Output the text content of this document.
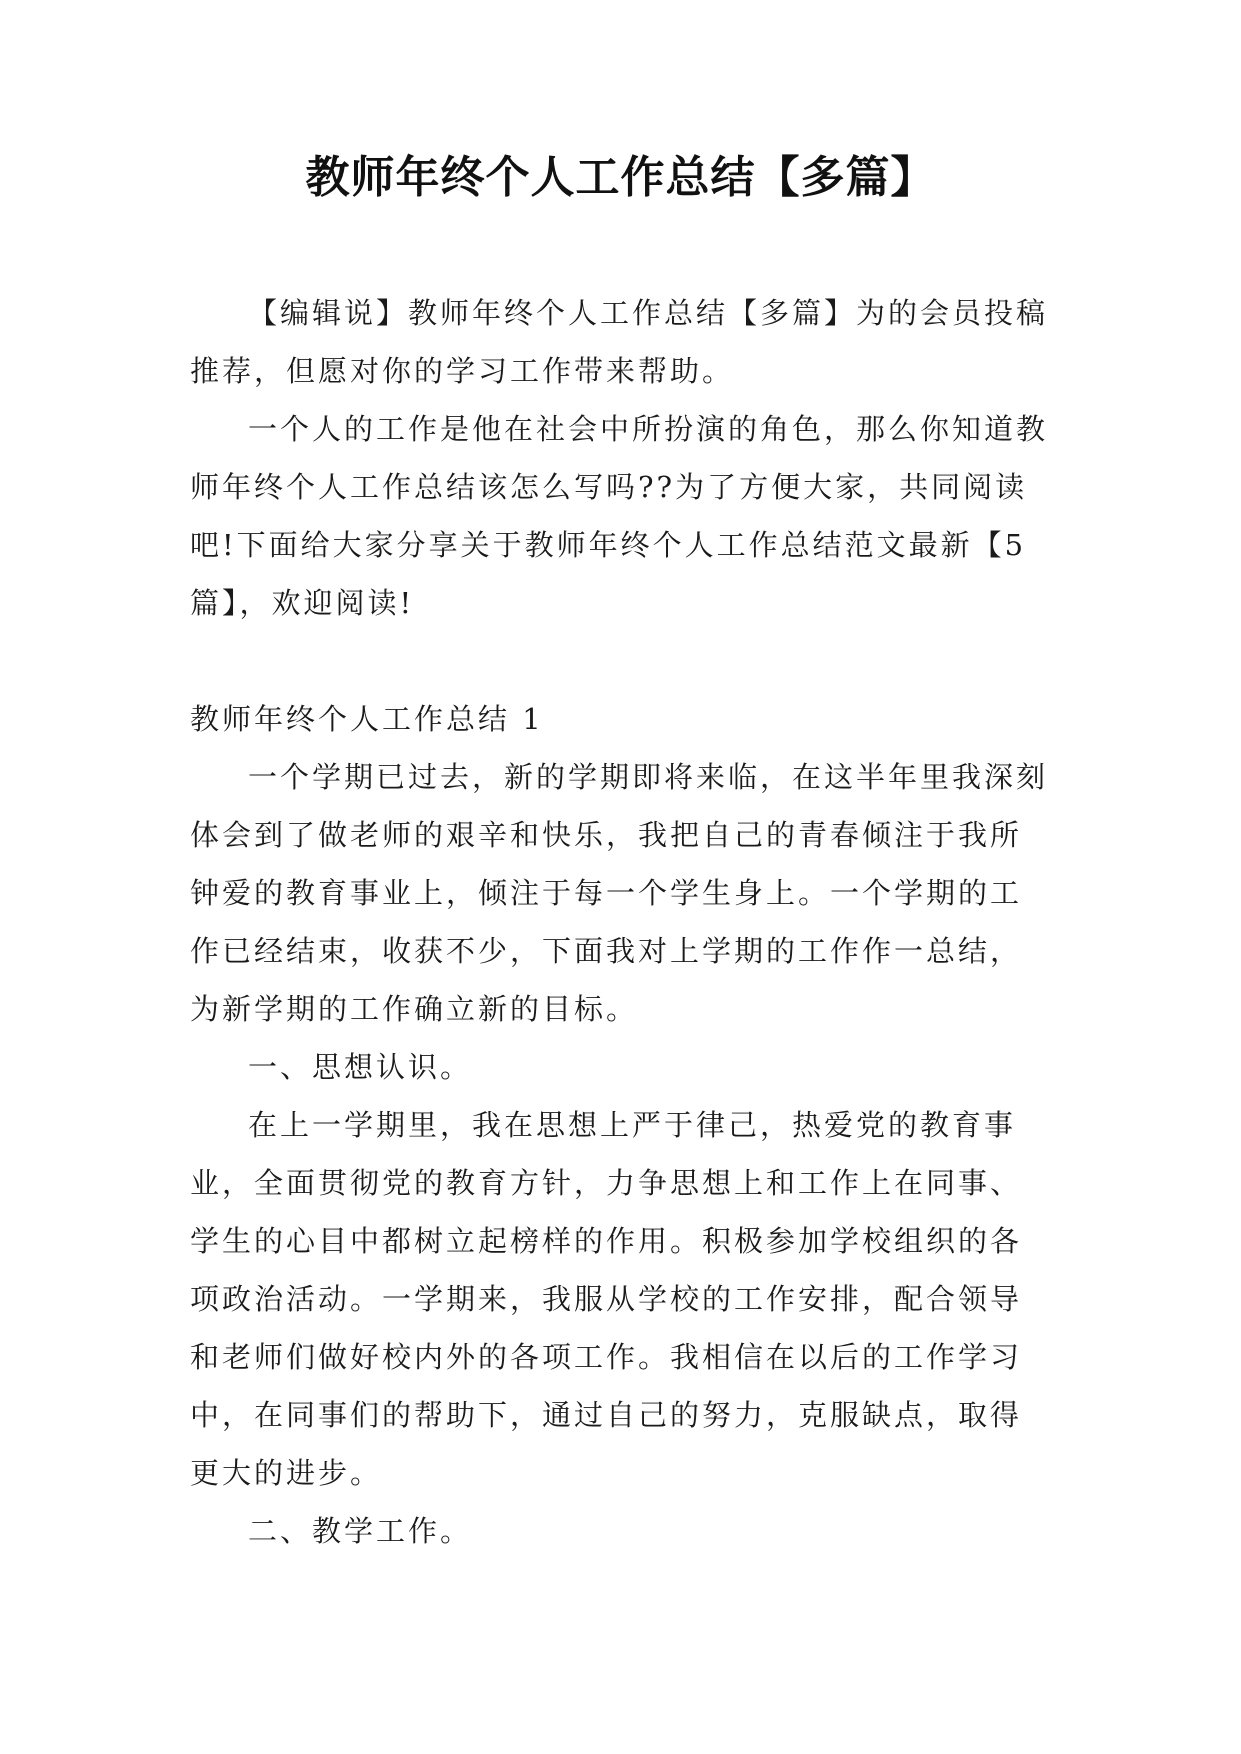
教师年终个人工作总结【多篇】

【编辑说】教师年终个人工作总结【多篇】为的会员投稿推荐，但愿对你的学习工作带来帮助。

一个人的工作是他在社会中所扮演的角色，那么你知道教师年终个人工作总结该怎么写吗??为了方便大家，共同阅读吧!下面给大家分享关于教师年终个人工作总结范文最新【5篇】，欢迎阅读!

教师年终个人工作总结 1

一个学期已过去，新的学期即将来临，在这半年里我深刻体会到了做老师的艰辛和快乐，我把自己的青春倾注于我所钟爱的教育事业上，倾注于每一个学生身上。一个学期的工作已经结束，收获不少，下面我对上学期的工作作一总结，为新学期的工作确立新的目标。

一、思想认识。

在上一学期里，我在思想上严于律己，热爱党的教育事业，全面贯彻党的教育方针，力争思想上和工作上在同事、学生的心目中都树立起榜样的作用。积极参加学校组织的各项政治活动。一学期来，我服从学校的工作安排，配合领导和老师们做好校内外的各项工作。我相信在以后的工作学习中，在同事们的帮助下，通过自己的努力，克服缺点，取得更大的进步。

二、教学工作。
